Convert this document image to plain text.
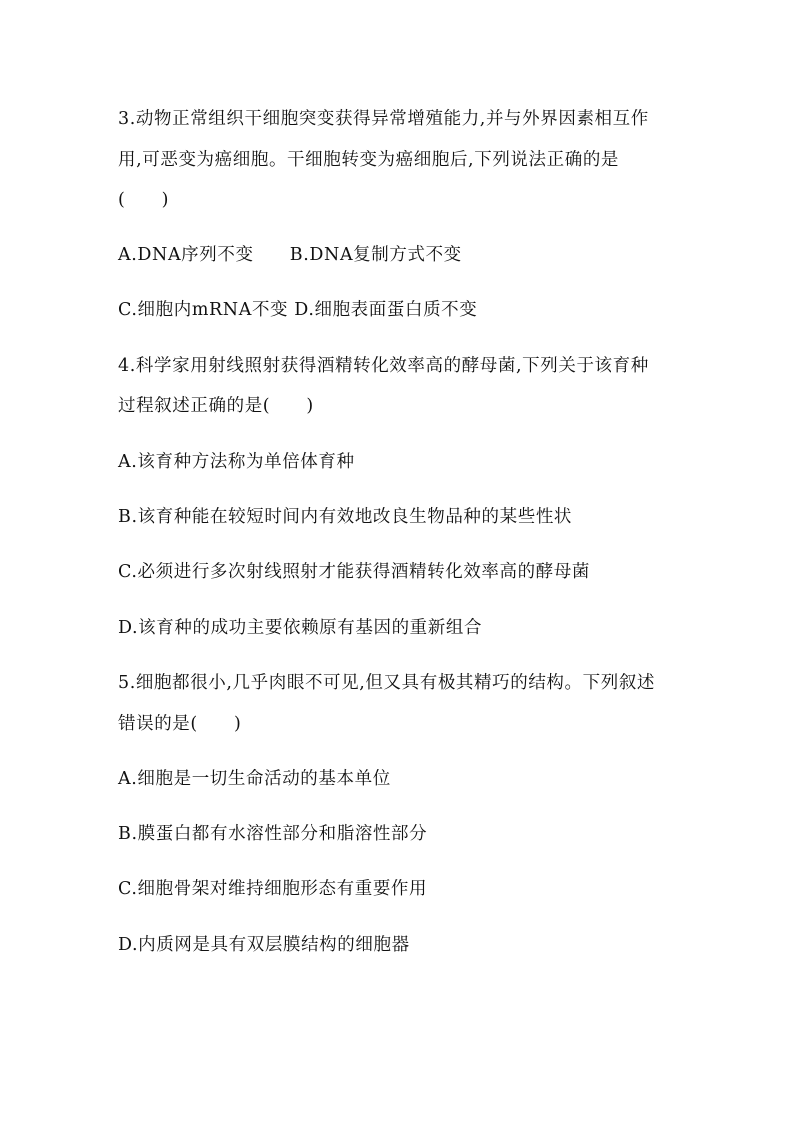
3.动物正常组织干细胞突变获得异常增殖能力,并与外界因素相互作
用,可恶变为癌细胞。干细胞转变为癌细胞后,下列说法正确的是
(　　)
A.DNA序列不变　　B.DNA复制方式不变
C.细胞内mRNA不变 D.细胞表面蛋白质不变
4.科学家用射线照射获得酒精转化效率高的酵母菌,下列关于该育种
过程叙述正确的是(　　)
A.该育种方法称为单倍体育种
B.该育种能在较短时间内有效地改良生物品种的某些性状
C.必须进行多次射线照射才能获得酒精转化效率高的酵母菌
D.该育种的成功主要依赖原有基因的重新组合
5.细胞都很小,几乎肉眼不可见,但又具有极其精巧的结构。下列叙述
错误的是(　　)
A.细胞是一切生命活动的基本单位
B.膜蛋白都有水溶性部分和脂溶性部分
C.细胞骨架对维持细胞形态有重要作用
D.内质网是具有双层膜结构的细胞器
